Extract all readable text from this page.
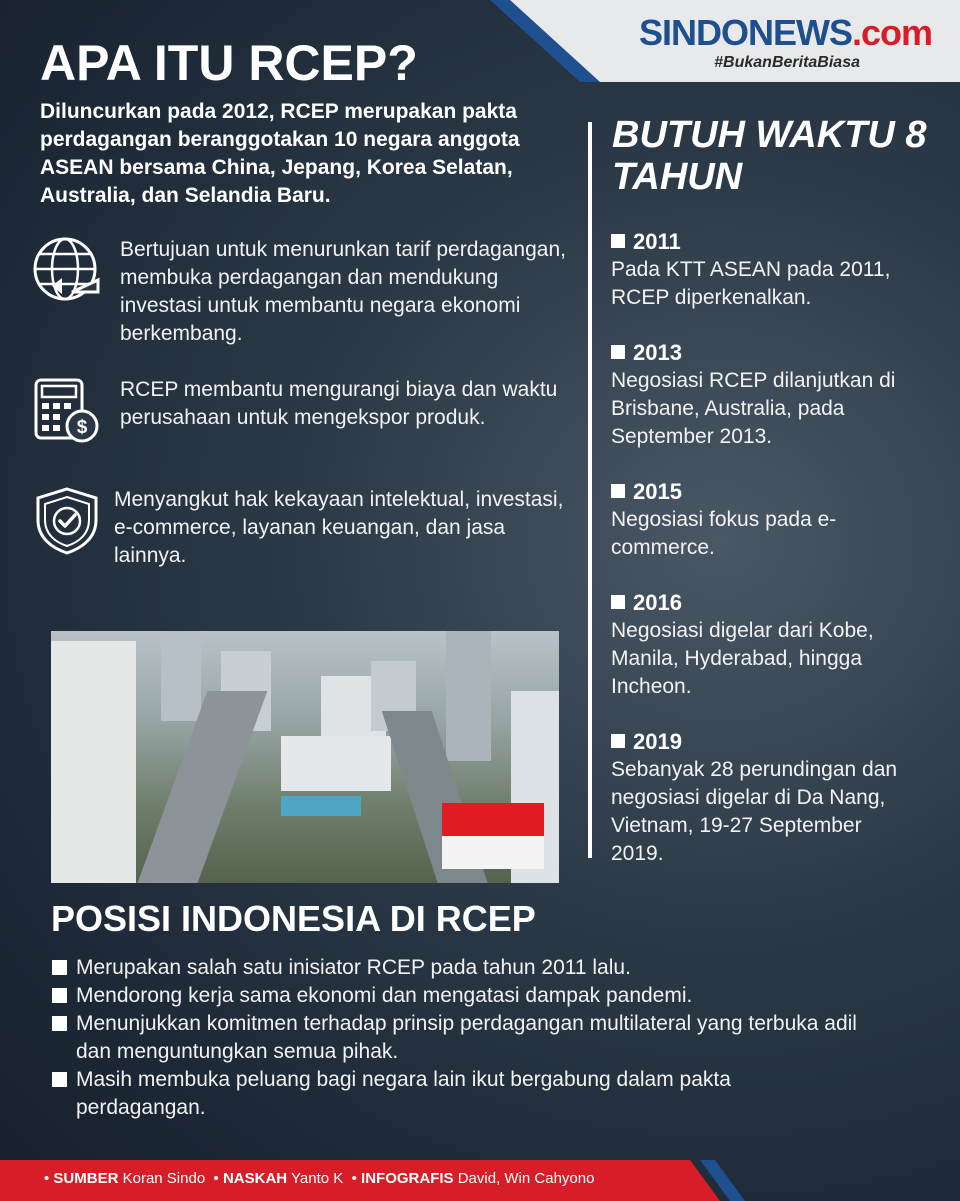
SINDONEWS.com
#BukanBeritaBiasa
APA ITU RCEP?

Diluncurkan pada 2012, RCEP merupakan pakta perdagangan beranggotakan 10 negara anggota ASEAN bersama China, Jepang, Korea Selatan, Australia, dan Selandia Baru.

Bertujuan untuk menurunkan tarif perdagangan, membuka perdagangan dan mendukung investasi untuk membantu negara ekonomi berkembang.
$
RCEP membantu mengurangi biaya dan waktu perusahaan untuk mengekspor produk.
Menyangkut hak kekayaan intelektual, investasi, e-commerce, layanan keuangan, dan jasa lainnya.
BUTUH WAKTU 8 TAHUN
2011
Pada KTT ASEAN pada 2011, RCEP diperkenalkan.
2013
Negosiasi RCEP dilanjutkan di Brisbane, Australia, pada September 2013.
2015
Negosiasi fokus pada e-commerce.
2016
Negosiasi digelar dari Kobe, Manila, Hyderabad, hingga Incheon.
2019
Sebanyak 28 perundingan dan negosiasi digelar di Da Nang, Vietnam, 19-27 September 2019.
POSISI INDONESIA DI RCEP
Merupakan salah satu inisiator RCEP pada tahun 2011 lalu.
Mendorong kerja sama ekonomi dan mengatasi dampak pandemi.
Menunjukkan komitmen terhadap prinsip perdagangan multilateral yang terbuka adil dan menguntungkan semua pihak.
Masih membuka peluang bagi negara lain ikut bergabung dalam pakta perdagangan.
• SUMBER Koran Sindo  • NASKAH Yanto K  • INFOGRAFIS David, Win Cahyono
